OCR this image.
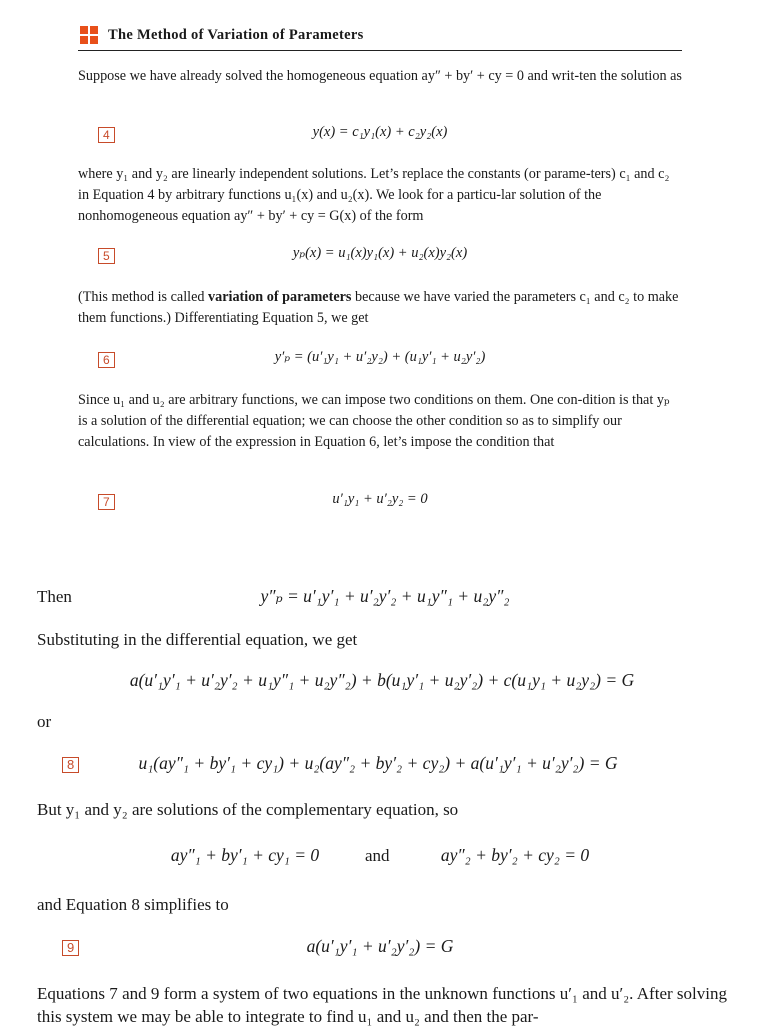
The Method of Variation of Parameters
Suppose we have already solved the homogeneous equation ay″ + by′ + cy = 0 and writ-ten the solution as
4	y(x) = c₁y₁(x) + c₂y₂(x)
where y₁ and y₂ are linearly independent solutions. Let’s replace the constants (or parame-ters) c₁ and c₂ in Equation 4 by arbitrary functions u₁(x) and u₂(x). We look for a particu-lar solution of the nonhomogeneous equation ay″ + by′ + cy = G(x) of the form
5	yₚ(x) = u₁(x)y₁(x) + u₂(x)y₂(x)
(This method is called variation of parameters because we have varied the parameters c₁ and c₂ to make them functions.) Differentiating Equation 5, we get
6	y′ₚ = (u′₁y₁ + u′₂y₂) + (u₁y′₁ + u₂y′₂)
Since u₁ and u₂ are arbitrary functions, we can impose two conditions on them. One con-dition is that yₚ is a solution of the differential equation; we can choose the other condition so as to simplify our calculations. In view of the expression in Equation 6, let’s impose the condition that
7	u′₁y₁ + u′₂y₂ = 0
Then	y″ₚ = u′₁y′₁ + u′₂y′₂ + u₁y″₁ + u₂y″₂
Substituting in the differential equation, we get
a(u′₁y′₁ + u′₂y′₂ + u₁y″₁ + u₂y″₂) + b(u₁y′₁ + u₂y′₂) + c(u₁y₁ + u₂y₂) = G
or
8	u₁(ay″₁ + by′₁ + cy₁) + u₂(ay″₂ + by′₂ + cy₂) + a(u′₁y′₁ + u′₂y′₂) = G
But y₁ and y₂ are solutions of the complementary equation, so
ay″₁ + by′₁ + cy₁ = 0	and	ay″₂ + by′₂ + cy₂ = 0
and Equation 8 simplifies to
9	a(u′₁y′₁ + u′₂y′₂) = G
Equations 7 and 9 form a system of two equations in the unknown functions u′₁ and u′₂. After solving this system we may be able to integrate to find u₁ and u₂ and then the par-
